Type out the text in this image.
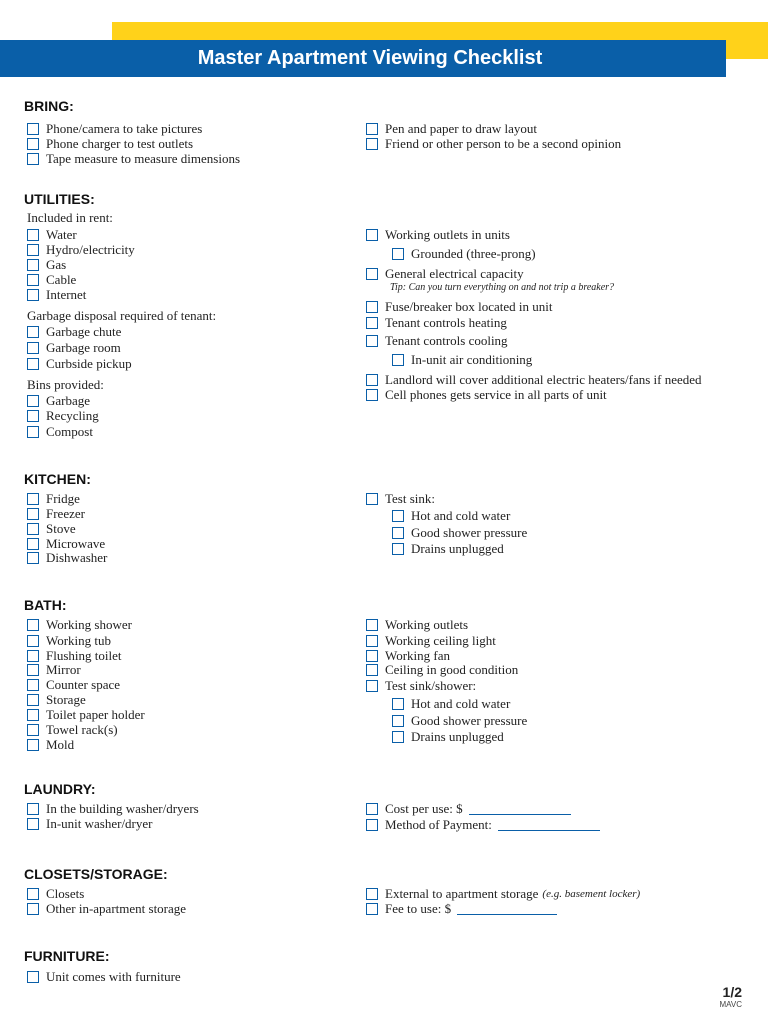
Master Apartment Viewing Checklist
BRING:
Phone/camera to take pictures
Phone charger to test outlets
Tape measure to measure dimensions
Pen and paper to draw layout
Friend or other person to be a second opinion
UTILITIES:
Included in rent:
Water
Hydro/electricity
Gas
Cable
Internet
Garbage disposal required of tenant:
Garbage chute
Garbage room
Curbside pickup
Bins provided:
Garbage
Recycling
Compost
Working outlets in units
Grounded (three-prong)
General electrical capacity
Tip: Can you turn everything on and not trip a breaker?
Fuse/breaker box located in unit
Tenant controls heating
Tenant controls cooling
In-unit air conditioning
Landlord will cover additional electric heaters/fans if needed
Cell phones gets service in all parts of unit
KITCHEN:
Fridge
Freezer
Stove
Microwave
Dishwasher
Test sink:
Hot and cold water
Good shower pressure
Drains unplugged
BATH:
Working shower
Working tub
Flushing toilet
Mirror
Counter space
Storage
Toilet paper holder
Towel rack(s)
Mold
Working outlets
Working ceiling light
Working fan
Ceiling in good condition
Test sink/shower:
Hot and cold water
Good shower pressure
Drains unplugged
LAUNDRY:
In the building washer/dryers
In-unit washer/dryer
Cost per use: $
Method of Payment:
CLOSETS/STORAGE:
Closets
Other in-apartment storage
External to apartment storage (e.g. basement locker)
Fee to use: $
FURNITURE:
Unit comes with furniture
1/2
MAVC
